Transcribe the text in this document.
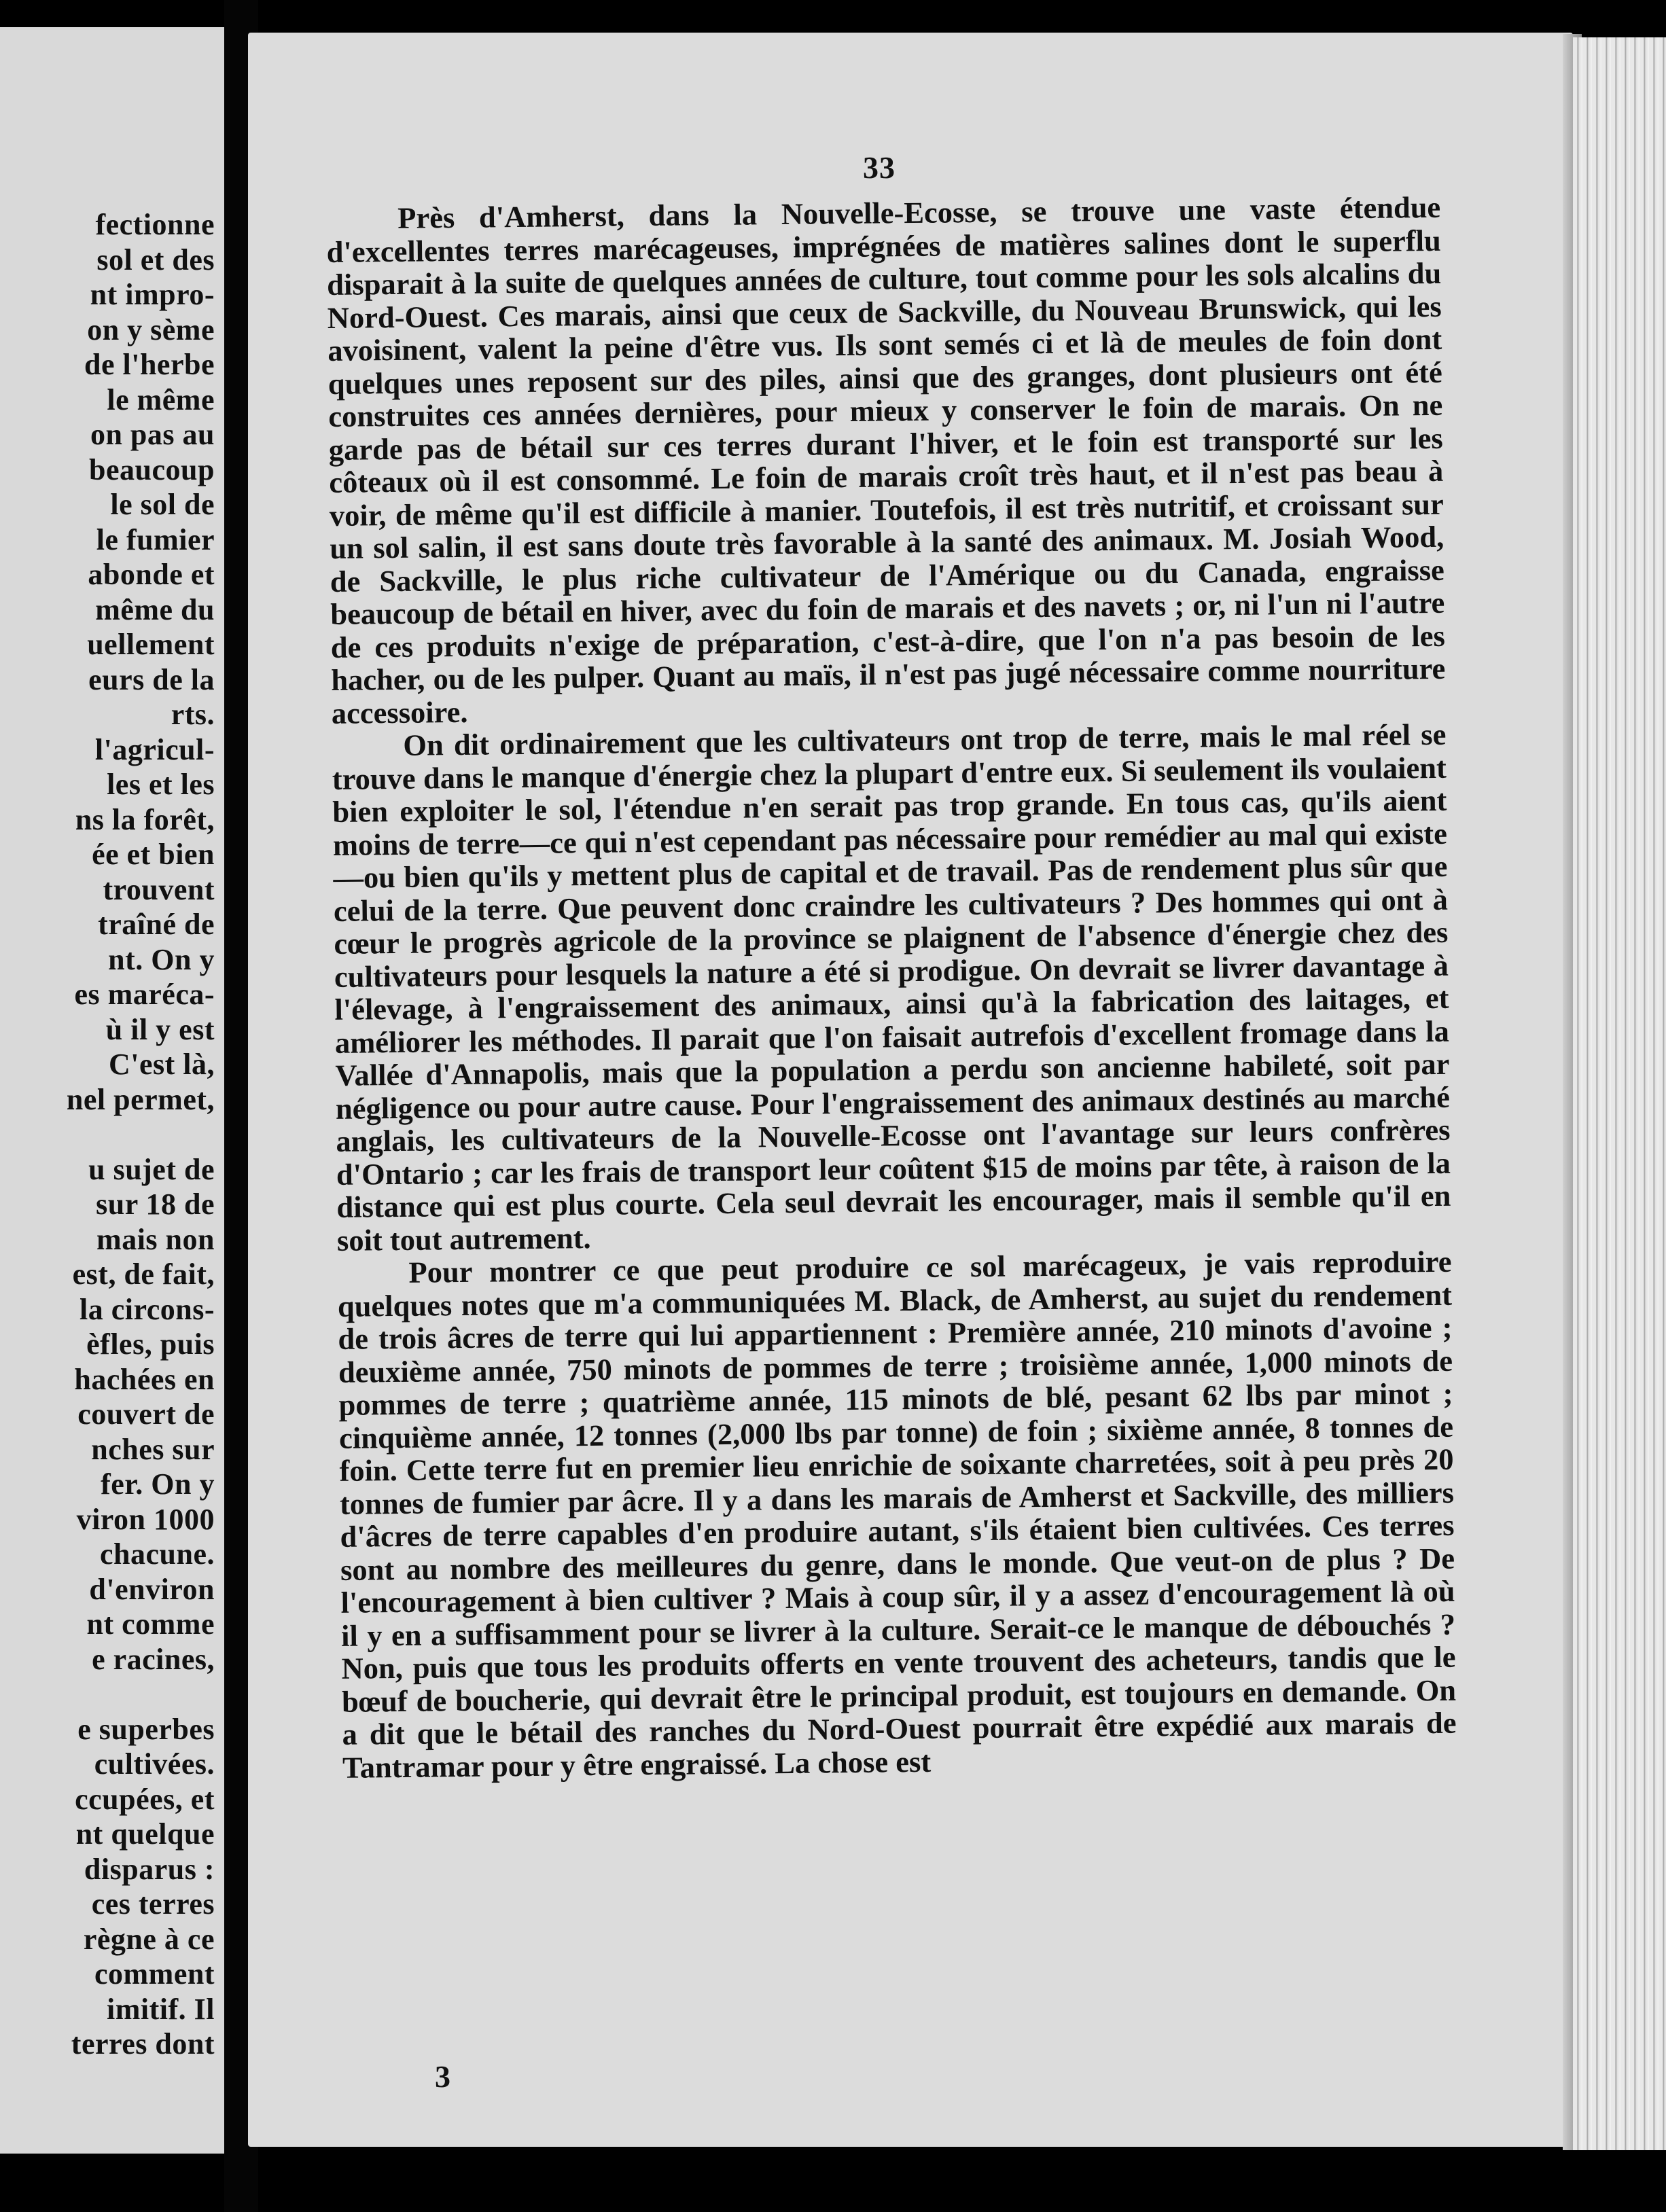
fectionne
sol et des
nt impro-
on y sème
de l'herbe
le même
on pas au
beaucoup
le sol de
le fumier
abonde et
même du
uellement
eurs de la
rts.
l'agricul-
les et les
ns la forêt,
ée et bien
trouvent
traîné de
nt. On y
es maréca-
ù il y est
C'est là,
nel permet,
u sujet de
sur 18 de
mais non
est, de fait,
la circons-
èfles, puis
hachées en
couvert de
nches sur
fer. On y
viron 1000
chacune.
d'environ
nt comme
e racines,
e superbes
cultivées.
ccupées, et
nt quelque
disparus :
ces terres
règne à ce
comment
imitif. Il
terres dont
33

Près d'Amherst, dans la Nouvelle-Ecosse, se trouve une vaste étendue d'excellentes terres marécageuses, imprégnées de matières salines dont le superflu disparait à la suite de quelques années de culture, tout comme pour les sols alcalins du Nord-Ouest. Ces marais, ainsi que ceux de Sackville, du Nouveau Brunswick, qui les avoisinent, valent la peine d'être vus. Ils sont semés ci et là de meules de foin dont quelques unes reposent sur des piles, ainsi que des granges, dont plusieurs ont été construites ces années dernières, pour mieux y conserver le foin de marais. On ne garde pas de bétail sur ces terres durant l'hiver, et le foin est transporté sur les côteaux où il est consommé. Le foin de marais croît très haut, et il n'est pas beau à voir, de même qu'il est difficile à manier. Toutefois, il est très nutritif, et croissant sur un sol salin, il est sans doute très favorable à la santé des animaux. M. Josiah Wood, de Sackville, le plus riche cultivateur de l'Amérique ou du Canada, engraisse beaucoup de bétail en hiver, avec du foin de marais et des navets ; or, ni l'un ni l'autre de ces produits n'exige de préparation, c'est-à-dire, que l'on n'a pas besoin de les hacher, ou de les pulper. Quant au maïs, il n'est pas jugé nécessaire comme nourriture accessoire.

On dit ordinairement que les cultivateurs ont trop de terre, mais le mal réel se trouve dans le manque d'énergie chez la plupart d'entre eux. Si seulement ils voulaient bien exploiter le sol, l'étendue n'en serait pas trop grande. En tous cas, qu'ils aient moins de terre—ce qui n'est cependant pas nécessaire pour remédier au mal qui existe—ou bien qu'ils y mettent plus de capital et de travail. Pas de rendement plus sûr que celui de la terre. Que peuvent donc craindre les cultivateurs ? Des hommes qui ont à cœur le progrès agricole de la province se plaignent de l'absence d'énergie chez des cultivateurs pour lesquels la nature a été si prodigue. On devrait se livrer davantage à l'élevage, à l'engraissement des animaux, ainsi qu'à la fabrication des laitages, et améliorer les méthodes. Il parait que l'on faisait autrefois d'excellent fromage dans la Vallée d'Annapolis, mais que la population a perdu son ancienne habileté, soit par négligence ou pour autre cause. Pour l'engraissement des animaux destinés au marché anglais, les cultivateurs de la Nouvelle-Ecosse ont l'avantage sur leurs confrères d'Ontario ; car les frais de transport leur coûtent $15 de moins par tête, à raison de la distance qui est plus courte. Cela seul devrait les encourager, mais il semble qu'il en soit tout autrement.

Pour montrer ce que peut produire ce sol marécageux, je vais reproduire quelques notes que m'a communiquées M. Black, de Amherst, au sujet du rendement de trois âcres de terre qui lui appartiennent : Première année, 210 minots d'avoine ; deuxième année, 750 minots de pommes de terre ; troisième année, 1,000 minots de pommes de terre ; quatrième année, 115 minots de blé, pesant 62 lbs par minot ; cinquième année, 12 tonnes (2,000 lbs par tonne) de foin ; sixième année, 8 tonnes de foin. Cette terre fut en premier lieu enrichie de soixante charretées, soit à peu près 20 tonnes de fumier par âcre. Il y a dans les marais de Amherst et Sackville, des milliers d'âcres de terre capables d'en produire autant, s'ils étaient bien cultivées. Ces terres sont au nombre des meilleures du genre, dans le monde. Que veut-on de plus ? De l'encouragement à bien cultiver ? Mais à coup sûr, il y a assez d'encouragement là où il y en a suffisamment pour se livrer à la culture. Serait-ce le manque de débouchés ? Non, puis que tous les produits offerts en vente trouvent des acheteurs, tandis que le bœuf de boucherie, qui devrait être le principal produit, est toujours en demande. On a dit que le bétail des ranches du Nord-Ouest pourrait être expédié aux marais de Tantramar pour y être engraissé. La chose est

3
